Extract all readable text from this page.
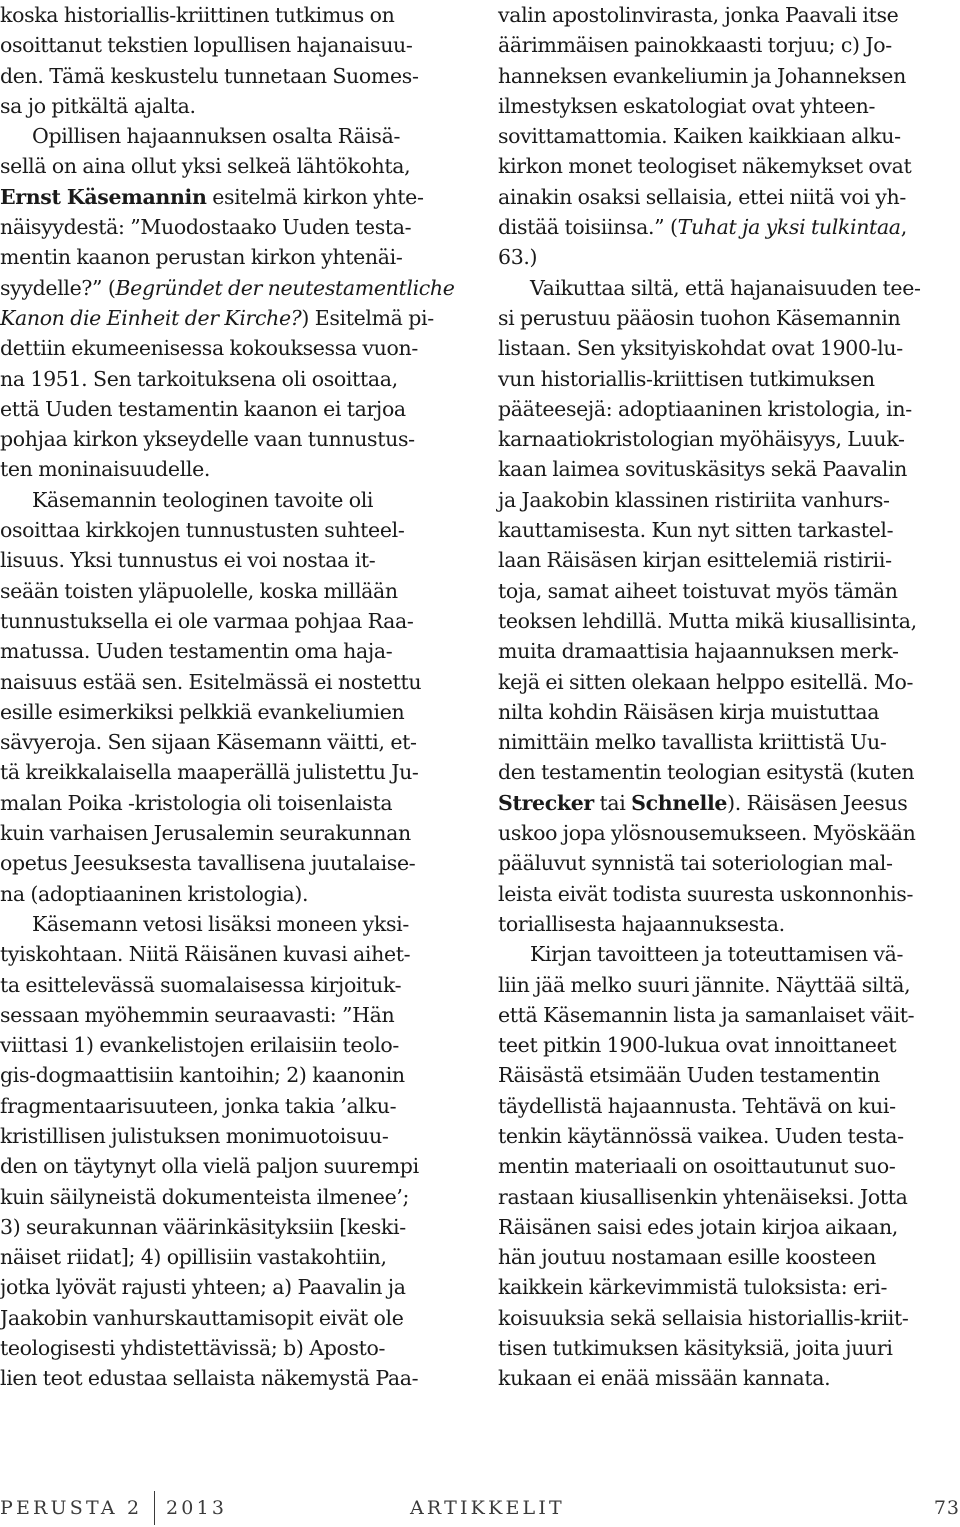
koska historiallis-kriittinen tutkimus on
osoittanut tekstien lopullisen hajanaisuu-
den. Tämä keskustelu tunnetaan Suomes-
sa jo pitkältä ajalta.
Opillisen hajaannuksen osalta Räisä-
sellä on aina ollut yksi selkeä lähtökohta,
Ernst Käsemannin esitelmä kirkon yhte-
näisyydestä: ”Muodostaako Uuden testa-
mentin kaanon perustan kirkon yhtenäi-
syydelle?” (Begründet der neutestamentliche
Kanon die Einheit der Kirche?) Esitelmä pi-
dettiin ekumeenisessa kokouksessa vuon-
na 1951. Sen tarkoituksena oli osoittaa,
että Uuden testamentin kaanon ei tarjoa
pohjaa kirkon ykseydelle vaan tunnustus-
ten moninaisuudelle.
Käsemannin teologinen tavoite oli
osoittaa kirkkojen tunnustusten suhteel-
lisuus. Yksi tunnustus ei voi nostaa it-
seään toisten yläpuolelle, koska millään
tunnustuksella ei ole varmaa pohjaa Raa-
matussa. Uuden testamentin oma haja-
naisuus estää sen. Esitelmässä ei nostettu
esille esimerkiksi pelkkiä evankeliumien
sävyeroja. Sen sijaan Käsemann väitti, et-
tä kreikkalaisella maaperällä julistettu Ju-
malan Poika -kristologia oli toisenlaista
kuin varhaisen Jerusalemin seurakunnan
opetus Jeesuksesta tavallisena juutalaise-
na (adoptiaaninen kristologia).
Käsemann vetosi lisäksi moneen yksi-
tyiskohtaan. Niitä Räisänen kuvasi aihet-
ta esittelevässä suomalaisessa kirjoituk-
sessaan myöhemmin seuraavasti: ”Hän
viittasi 1) evankelistojen erilaisiin teolo-
gis-dogmaattisiin kantoihin; 2) kaanonin
fragmentaarisuuteen, jonka takia ’alku-
kristillisen julistuksen monimuotoisuu-
den on täytynyt olla vielä paljon suurempi
kuin säilyneistä dokumenteista ilmenee’;
3) seurakunnan väärinkäsityksiin [keski-
näiset riidat]; 4) opillisiin vastakohtiin,
jotka lyövät rajusti yhteen; a) Paavalin ja
Jaakobin vanhurskauttamisopit eivät ole
teologisesti yhdistettävissä; b) Aposto-
lien teot edustaa sellaista näkemystä Paa-
valin apostolinvirasta, jonka Paavali itse
äärimmäisen painokkaasti torjuu; c) Jo-
hanneksen evankeliumin ja Johanneksen
ilmestyksen eskatologiat ovat yhteen-
sovittamattomia. Kaiken kaikkiaan alku-
kirkon monet teologiset näkemykset ovat
ainakin osaksi sellaisia, ettei niitä voi yh-
distää toisiinsa.” (Tuhat ja yksi tulkintaa,
63.)
Vaikuttaa siltä, että hajanaisuuden tee-
si perustuu pääosin tuohon Käsemannin
listaan. Sen yksityiskohdat ovat 1900-lu-
vun historiallis-kriittisen tutkimuksen
pääteesejä: adoptiaaninen kristologia, in-
karnaatiokristologian myöhäisyys, Luuk-
kaan laimea sovituskäsitys sekä Paavalin
ja Jaakobin klassinen ristiriita vanhurs-
kauttamisesta. Kun nyt sitten tarkastel-
laan Räisäsen kirjan esittelemiä ristirii-
toja, samat aiheet toistuvat myös tämän
teoksen lehdillä. Mutta mikä kiusallisinta,
muita dramaattisia hajaannuksen merk-
kejä ei sitten olekaan helppo esitellä. Mo-
nilta kohdin Räisäsen kirja muistuttaa
nimittäin melko tavallista kriittistä Uu-
den testamentin teologian esitystä (kuten
Strecker tai Schnelle). Räisäsen Jeesus
uskoo jopa ylösnousemukseen. Myöskään
pääluvut synnistä tai soteriologian mal-
leista eivät todista suuresta uskonnonhis-
toriallisesta hajaannuksesta.
Kirjan tavoitteen ja toteuttamisen vä-
liin jää melko suuri jännite. Näyttää siltä,
että Käsemannin lista ja samanlaiset väit-
teet pitkin 1900-lukua ovat innoittaneet
Räisästä etsimään Uuden testamentin
täydellistä hajaannusta. Tehtävä on kui-
tenkin käytännössä vaikea. Uuden testa-
mentin materiaali on osoittautunut suo-
rastaan kiusallisenkin yhtenäiseksi. Jotta
Räisänen saisi edes jotain kirjoa aikaan,
hän joutuu nostamaan esille koosteen
kaikkein kärkevimmistä tuloksista: eri-
koisuuksia sekä sellaisia historiallis-kriit-
tisen tutkimuksen käsityksiä, joita juuri
kukaan ei enää missään kannata.
PERUSTA 2 2013	ARTIKKELIT	73
